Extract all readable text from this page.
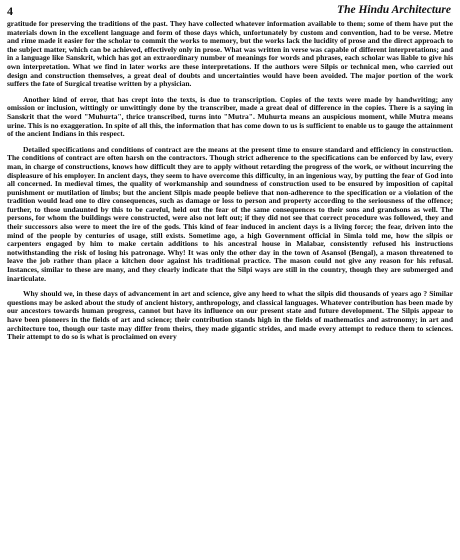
4	The Hindu Architecture

gratitude for preserving the traditions of the past. They have collected whatever information available to them; some of them have put the materials down in the excellent language and form of those days which, unfortunately by custom and convention, had to be verse. Metre and rime made it easier for the scholar to commit the works to memory, but the works lack the lucidity of prose and the direct approach to the subject matter, which can be achieved, effectively only in prose. What was written in verse was capable of different interpretations; and in a language like Sanskrit, which has got an extraordinary number of meanings for words and phrases, each scholar was liable to give his own interpretation. What we find in later works are these interpretations. If the authors were Silpis or technical men, who carried out design and construction themselves, a great deal of doubts and uncertainties would have been avoided. The major portion of the work suffers the fate of Surgical treatise written by a physician.

Another kind of error, that has crept into the texts, is due to transcription. Copies of the texts were made by handwriting; any omission or inclusion, wittingly or unwittingly done by the transcriber, made a great deal of difference in the copies. There is a saying in Sanskrit that the word "Muhurta", thrice transcribed, turns into "Mutra". Muhurta means an auspicious moment, while Mutra means urine. This is no exaggeration. In spite of all this, the information that has come down to us is sufficient to enable us to gauge the attainment of the ancient Indians in this respect.

Detailed specifications and conditions of contract are the means at the present time to ensure standard and efficiency in construction. The conditions of contract are often harsh on the contractors. Though strict adherence to the specifications can be enforced by law, every man, in charge of constructions, knows how difficult they are to apply without retarding the progress of the work, or without incurring the displeasure of his employer. In ancient days, they seem to have overcome this difficulty, in an ingenious way, by putting the fear of God into all concerned. In medieval times, the quality of workmanship and soundness of construction used to be ensured by imposition of capital punishment or mutilation of limbs; but the ancient Silpis made people believe that non-adherence to the specification or a violation of the tradition would lead one to dire consequences, such as damage or loss to person and property according to the seriousness of the offence; further, to those undaunted by this to be careful, held out the fear of the same consequences to their sons and grandsons as well. The persons, for whom the buildings were constructed, were also not left out; if they did not see that correct procedure was followed, they and their successors also were to meet the ire of the gods. This kind of fear induced in ancient days is a living force; the fear, driven into the mind of the people by centuries of usage, still exists. Sometime ago, a high Government official in Simla told me, how the silpis or carpenters engaged by him to make certain additions to his ancestral house in Malabar, consistently refused his instructions notwithstanding the risk of losing his patronage. Why! It was only the other day in the town of Asansol (Bengal), a mason threatened to leave the job rather than place a kitchen door against his traditional practice. The mason could not give any reason for his refusal. Instances, similar to these are many, and they clearly indicate that the Silpi ways are still in the country, though they are submerged and inarticulate.

Why should we, in these days of advancement in art and science, give any heed to what the silpis did thousands of years ago ? Similar questions may be asked about the study of ancient history, anthropology, and classical languages. Whatever contribution has been made by our ancestors towards human progress, cannot but have its influence on our present state and future development. The Silpis appear to have been pioneers in the fields of art and science; their contribution stands high in the fields of mathematics and astronomy; in art and architecture too, though our taste may differ from theirs, they made gigantic strides, and made every attempt to reduce them to sciences. Their attempt to do so is what is proclaimed on every
